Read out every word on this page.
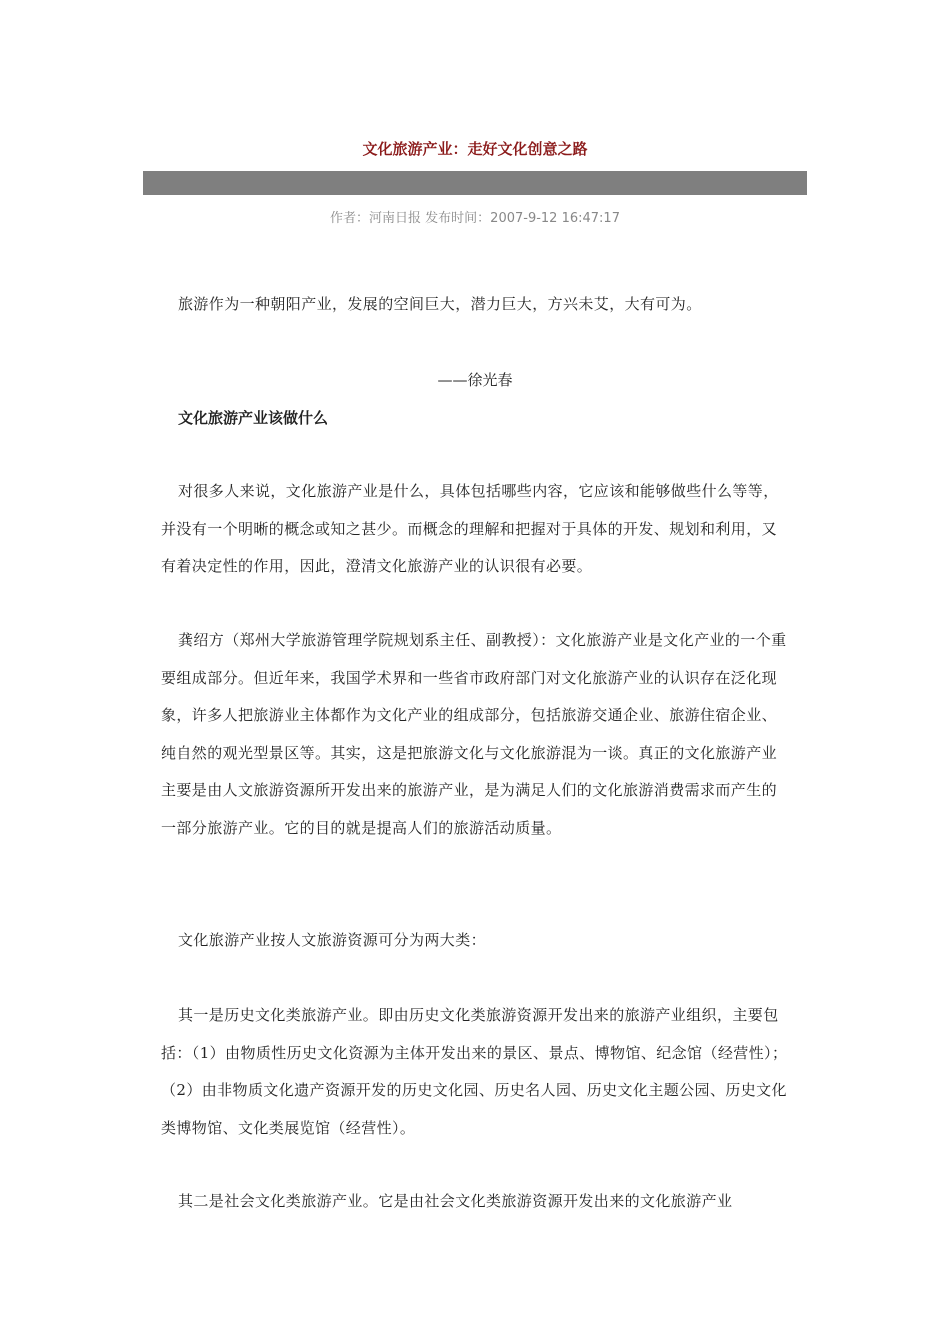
文化旅游产业：走好文化创意之路
作者：河南日报 发布时间：2007-9-12 16:47:17

旅游作为一种朝阳产业，发展的空间巨大，潜力巨大，方兴未艾，大有可为。

——徐光春
文化旅游产业该做什么

对很多人来说，文化旅游产业是什么，具体包括哪些内容，它应该和能够做些什么等等，并没有一个明晰的概念或知之甚少。而概念的理解和把握对于具体的开发、规划和利用，又有着决定性的作用，因此，澄清文化旅游产业的认识很有必要。

龚绍方（郑州大学旅游管理学院规划系主任、副教授）：文化旅游产业是文化产业的一个重要组成部分。但近年来，我国学术界和一些省市政府部门对文化旅游产业的认识存在泛化现象，许多人把旅游业主体都作为文化产业的组成部分，包括旅游交通企业、旅游住宿企业、纯自然的观光型景区等。其实，这是把旅游文化与文化旅游混为一谈。真正的文化旅游产业主要是由人文旅游资源所开发出来的旅游产业，是为满足人们的文化旅游消费需求而产生的一部分旅游产业。它的目的就是提高人们的旅游活动质量。

文化旅游产业按人文旅游资源可分为两大类：

其一是历史文化类旅游产业。即由历史文化类旅游资源开发出来的旅游产业组织，主要包括：（1）由物质性历史文化资源为主体开发出来的景区、景点、博物馆、纪念馆（经营性）；（2）由非物质文化遗产资源开发的历史文化园、历史名人园、历史文化主题公园、历史文化类博物馆、文化类展览馆（经营性）。

其二是社会文化类旅游产业。它是由社会文化类旅游资源开发出来的文化旅游产业
